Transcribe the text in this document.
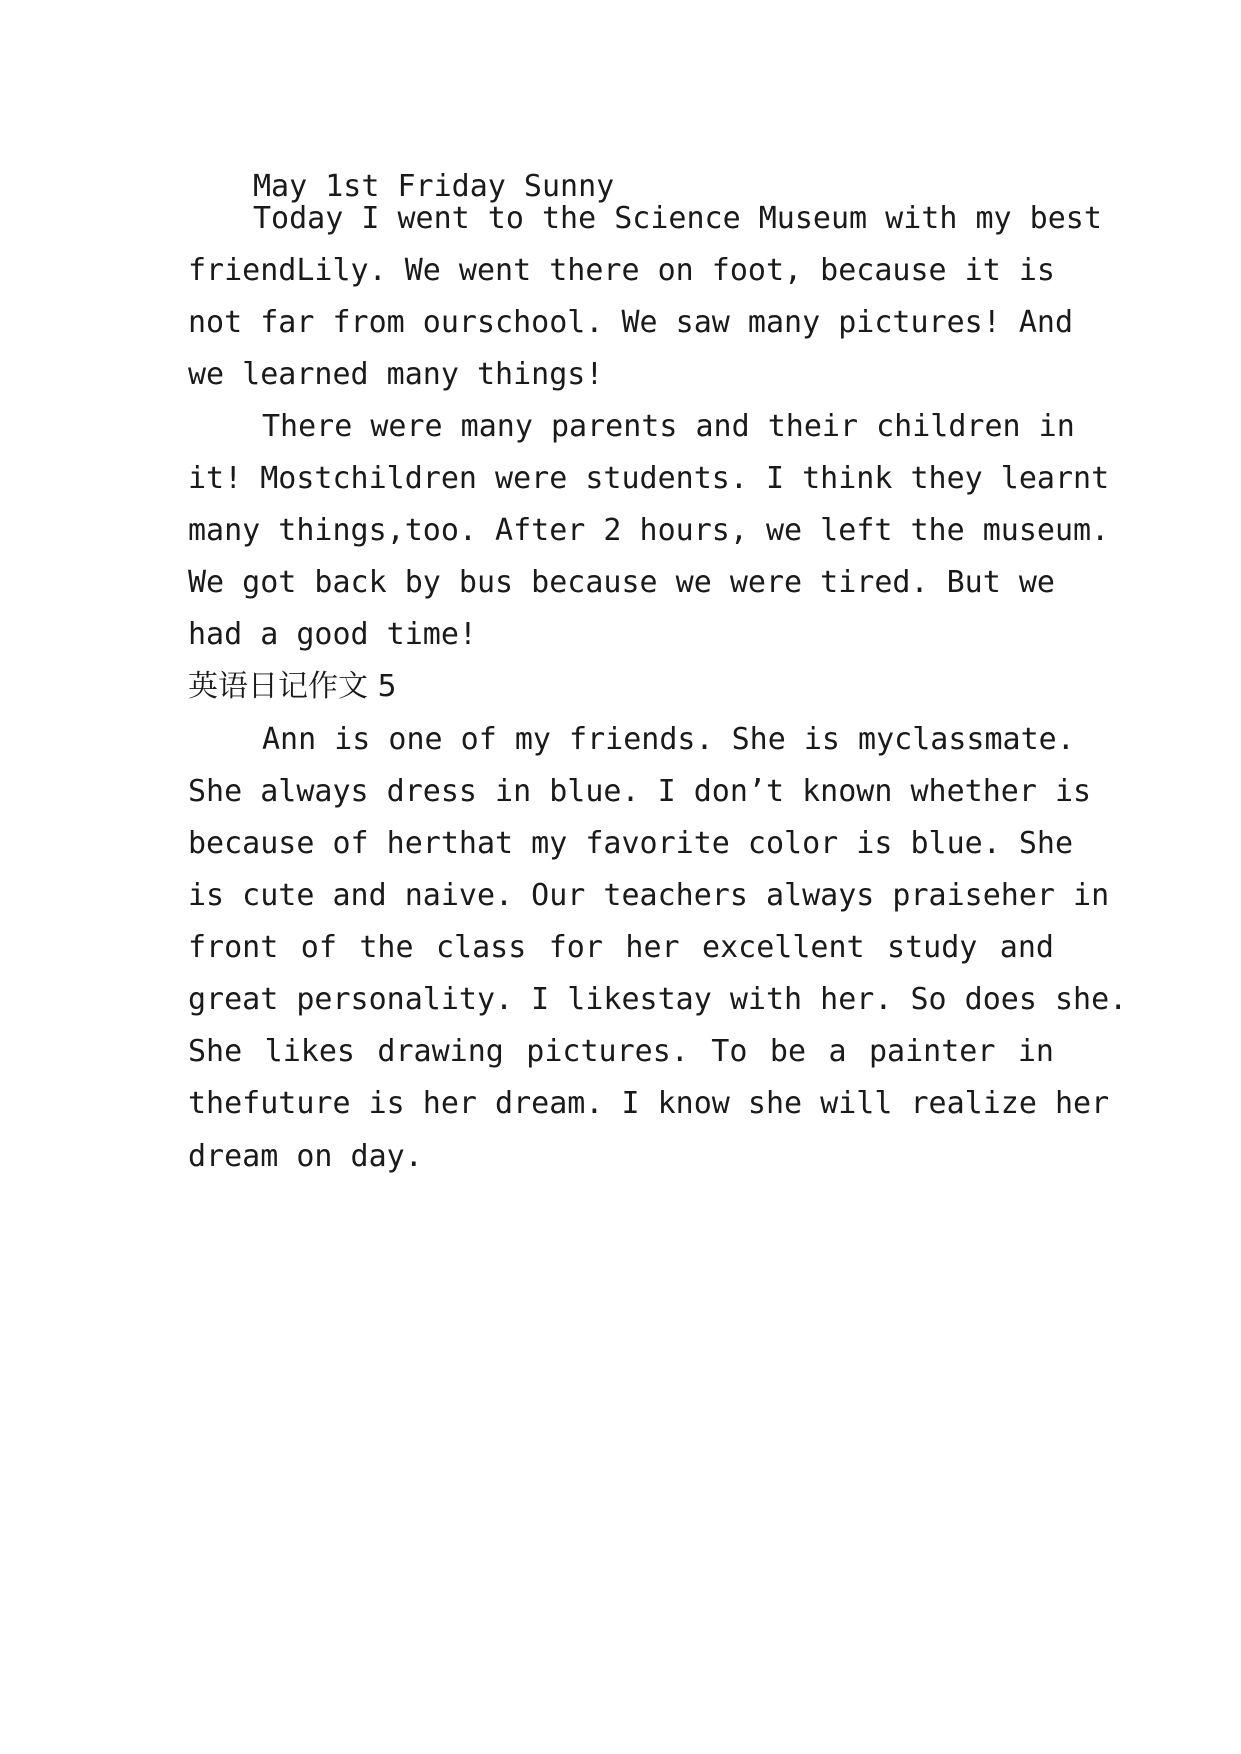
May 1st Friday Sunny
Today I went to the Science Museum with my best
friendLily. We went there on foot, because it is
not far from ourschool. We saw many pictures! And
we learned many things!
There were many parents and their children in
it! Mostchildren were students. I think they learnt
many things,too. After 2 hours, we left the museum.
We got back by bus because we were tired. But we
had a good time!
英语日记作文 5
Ann is one of my friends. She is myclassmate.
She always dress in blue. I don’t known whether is
because of herthat my favorite color is blue. She
is cute and naive. Our teachers always praiseher in
front of the class for her excellent study and
great personality. I likestay with her. So does she.
She likes drawing pictures. To be a painter in
thefuture is her dream. I know she will realize her
dream on day.
